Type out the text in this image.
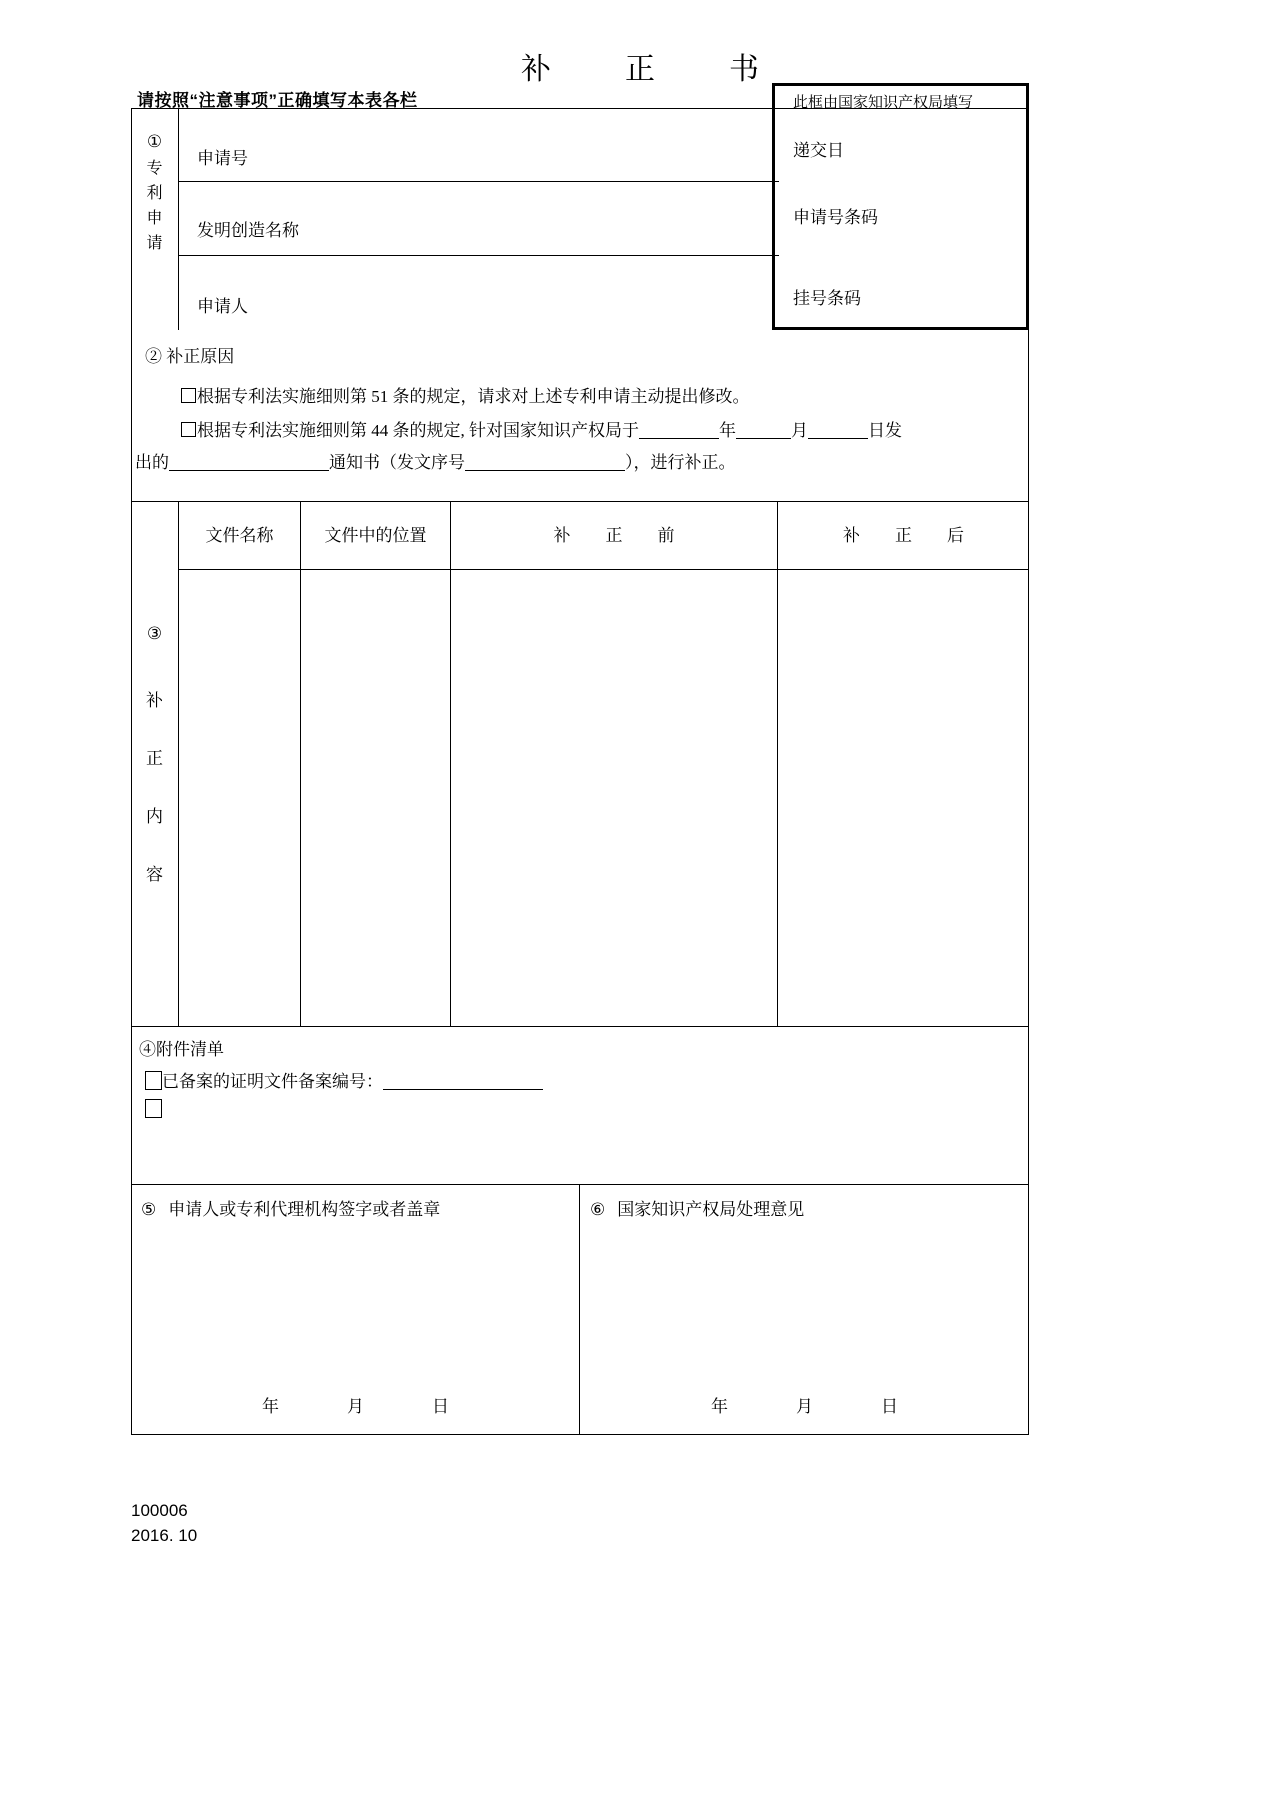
补　正　书
请按照“注意事项”正确填写本表各栏
①
专利申请
申请号
发明创造名称
申请人
此框由国家知识产权局填写
递交日
申请号条码
挂号条码
② 补正原因
根据专利法实施细则第 51 条的规定，请求对上述专利申请主动提出修改。
根据专利法实施细则第 44 条的规定, 针对国家知识产权局于	年	月	日发
出的	通知书（发文序号	），进行补正。
③
补正内容
文件名称	文件中的位置	补　正　前	补　正　后
④附件清单
已备案的证明文件备案编号：
⑤ 申请人或专利代理机构签字或者盖章
年	月	日
⑥ 国家知识产权局处理意见
年	月	日
100006
2016. 10
